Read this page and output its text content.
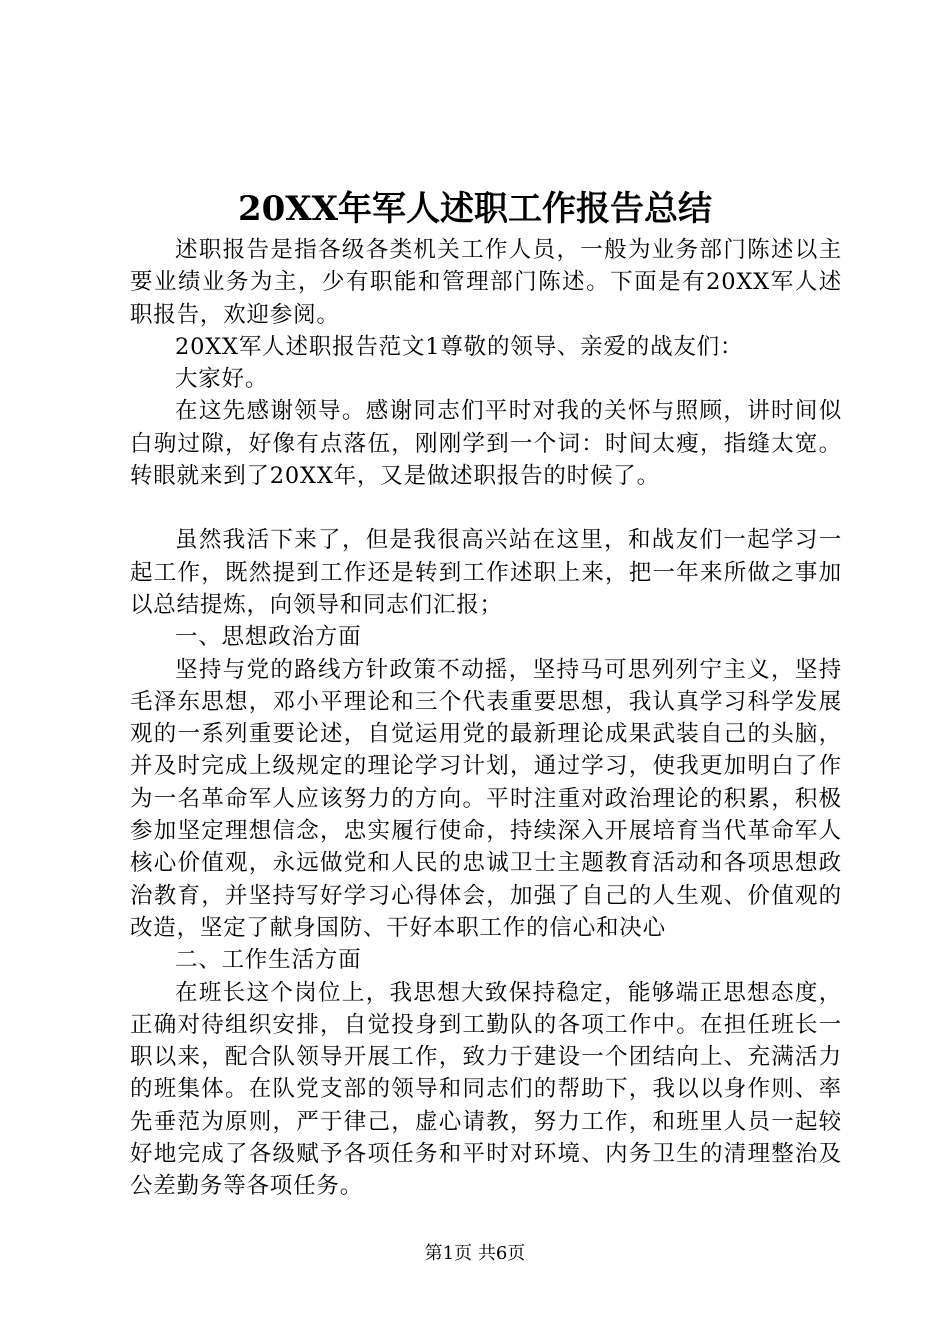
20XX年军人述职工作报告总结

述职报告是指各级各类机关工作人员，一般为业务部门陈述以主要业绩业务为主，少有职能和管理部门陈述。下面是有20XX军人述职报告，欢迎参阅。

20XX军人述职报告范文1尊敬的领导、亲爱的战友们：

大家好。

在这先感谢领导。感谢同志们平时对我的关怀与照顾，讲时间似白驹过隙，好像有点落伍，刚刚学到一个词：时间太瘦，指缝太宽。转眼就来到了20XX年，又是做述职报告的时候了。

虽然我活下来了，但是我很高兴站在这里，和战友们一起学习一起工作，既然提到工作还是转到工作述职上来，把一年来所做之事加以总结提炼，向领导和同志们汇报；

一、思想政治方面

坚持与党的路线方针政策不动摇，坚持马可思列列宁主义，坚持毛泽东思想，邓小平理论和三个代表重要思想，我认真学习科学发展观的一系列重要论述，自觉运用党的最新理论成果武装自己的头脑，并及时完成上级规定的理论学习计划，通过学习，使我更加明白了作为一名革命军人应该努力的方向。平时注重对政治理论的积累，积极参加坚定理想信念，忠实履行使命，持续深入开展培育当代革命军人核心价值观，永远做党和人民的忠诚卫士主题教育活动和各项思想政治教育，并坚持写好学习心得体会，加强了自己的人生观、价值观的改造，坚定了献身国防、干好本职工作的信心和决心

二、工作生活方面

在班长这个岗位上，我思想大致保持稳定，能够端正思想态度，正确对待组织安排，自觉投身到工勤队的各项工作中。在担任班长一职以来，配合队领导开展工作，致力于建设一个团结向上、充满活力的班集体。在队党支部的领导和同志们的帮助下，我以以身作则、率先垂范为原则，严于律己，虚心请教，努力工作，和班里人员一起较好地完成了各级赋予各项任务和平时对环境、内务卫生的清理整治及公差勤务等各项任务。

第1页 共6页
